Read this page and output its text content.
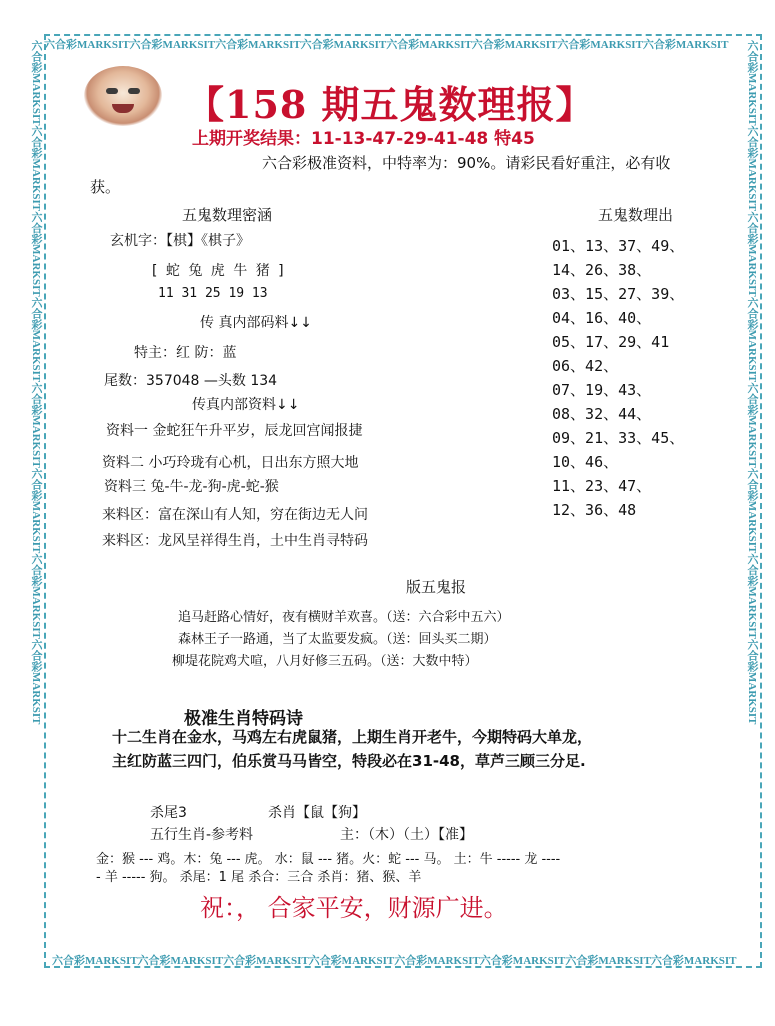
六合彩MARKSIT六合彩MARKSIT六合彩MARKSIT六合彩MARKSIT六合彩MARKSIT六合彩MARKSIT六合彩MARKSIT六合彩MARKSIT
六合彩MARKSIT六合彩MARKSIT六合彩MARKSIT六合彩MARKSIT六合彩MARKSIT六合彩MARKSIT六合彩MARKSIT六合彩MARKSIT
六合彩MARKSIT六合彩MARKSIT六合彩MARKSIT六合彩MARKSIT六合彩MARKSIT六合彩MARKSIT六合彩MARKSIT六合彩MARKSIT	六合彩MARKSIT六合彩MARKSIT六合彩MARKSIT六合彩MARKSIT六合彩MARKSIT六合彩MARKSIT六合彩MARKSIT六合彩MARKSIT
【158 期五鬼数理报】
上期开奖结果：11-13-47-29-41-48 特45
六合彩极准资料，中特率为：90%。请彩民看好重注，必有收
获。
五鬼数理密涵	五鬼数理出
玄机字：【棋】《棋子》
[ 蛇 兔 虎 牛 猪 ]
11 31 25 19 13
传 真内部码料↓↓
特主：红 防：蓝
尾数：357048 —头数 134
传真内部资料↓↓
资料一 金蛇狂午升平岁，辰龙回宫闻报捷
资料二 小巧玲珑有心机，日出东方照大地
资料三 兔-牛-龙-狗-虎-蛇-猴
来料区：富在深山有人知，穷在街边无人问
来料区：龙风呈祥得生肖，土中生肖寻特码
01、13、37、49、
14、26、38、
03、15、27、39、
04、16、40、
05、17、29、41
06、42、
07、19、43、
08、32、44、
09、21、33、45、
10、46、
11、23、47、
12、36、48
版五鬼报
追马赶路心情好，夜有横财羊欢喜。（送：六合彩中五六）
森林王子一路通，当了太监要发疯。（送：回头买二期）
柳堤花院鸡犬喧，八月好修三五码。（送：大数中特）
极准生肖特码诗
十二生肖在金水，马鸡左右虎鼠猪，上期生肖开老牛，今期特码大单龙，
主红防蓝三四门，伯乐赏马马皆空，特段必在31-48，草芦三顾三分足.
杀尾3	杀肖【鼠【狗】
五行生肖-参考料	主：（木）（土）【准】
金：猴 --- 鸡。木：兔 --- 虎。 水：鼠 --- 猪。火：蛇 --- 马。 土：牛 ----- 龙 ----
- 羊 ----- 狗。 杀尾：1 尾 杀合：三合 杀肖：猪、猴、羊
祝：， 合家平安，财源广进。
